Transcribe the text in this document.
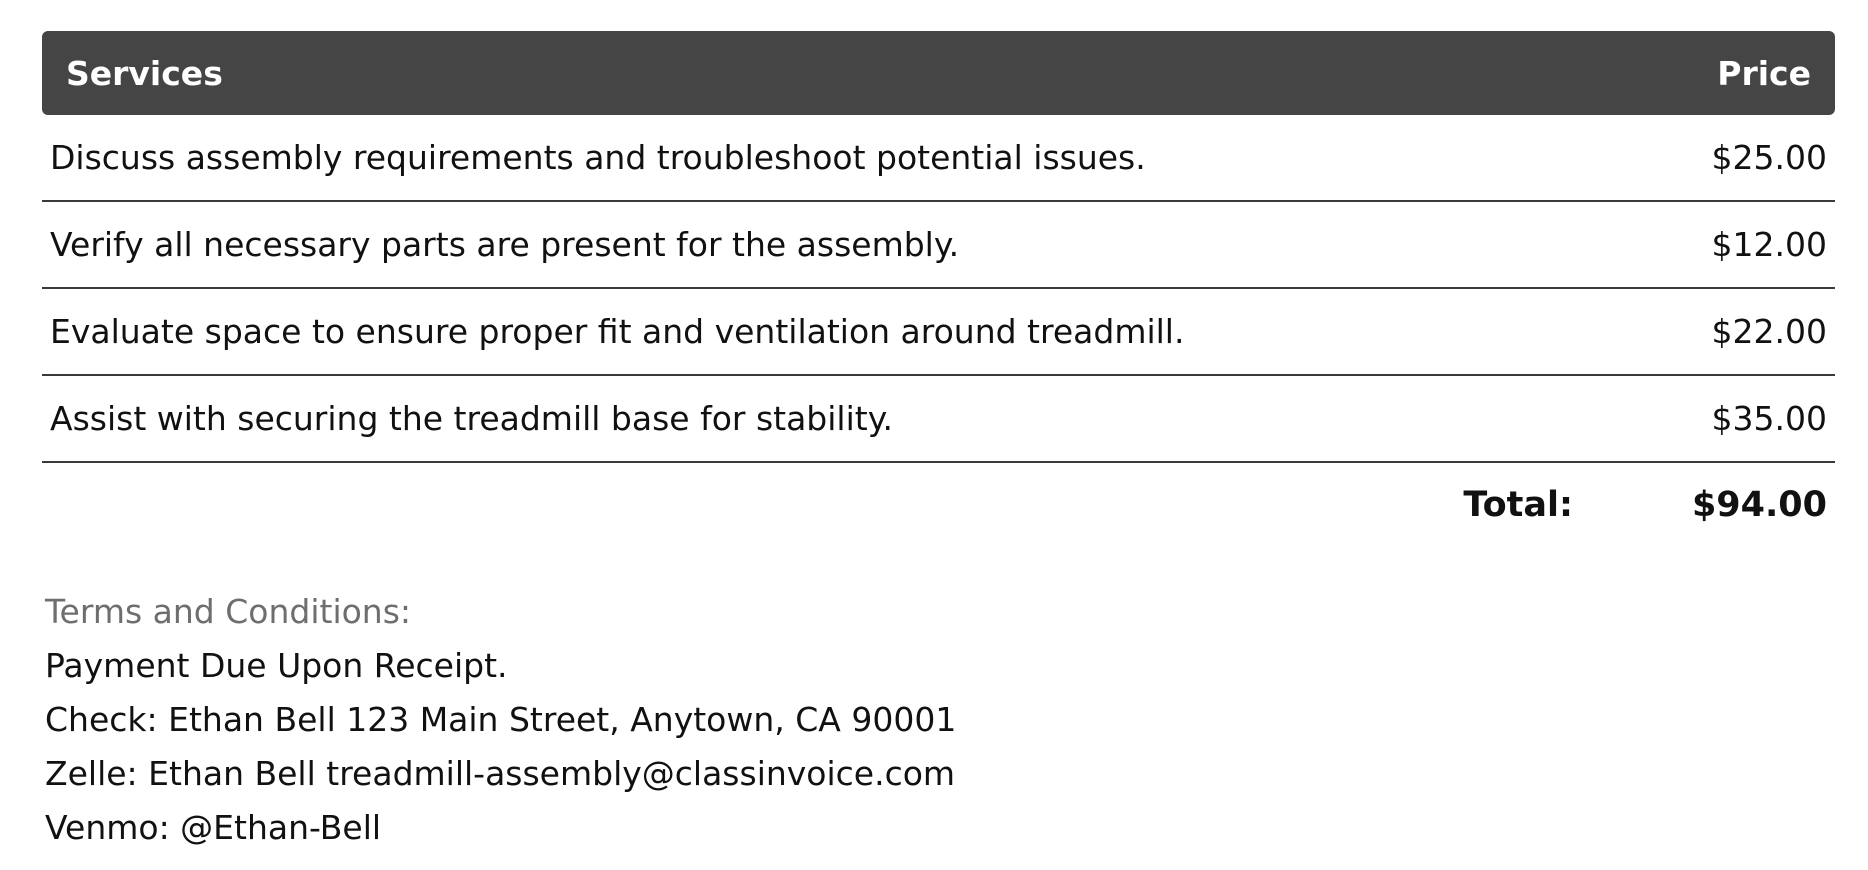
Services	Price
Discuss assembly requirements and troubleshoot potential issues.	$25.00
Verify all necessary parts are present for the assembly.	$12.00
Evaluate space to ensure proper fit and ventilation around treadmill.	$22.00
Assist with securing the treadmill base for stability.	$35.00
Total:	$94.00
Terms and Conditions:
Payment Due Upon Receipt.
Check: Ethan Bell 123 Main Street, Anytown, CA 90001
Zelle: Ethan Bell treadmill-assembly@classinvoice.com
Venmo: @Ethan-Bell
